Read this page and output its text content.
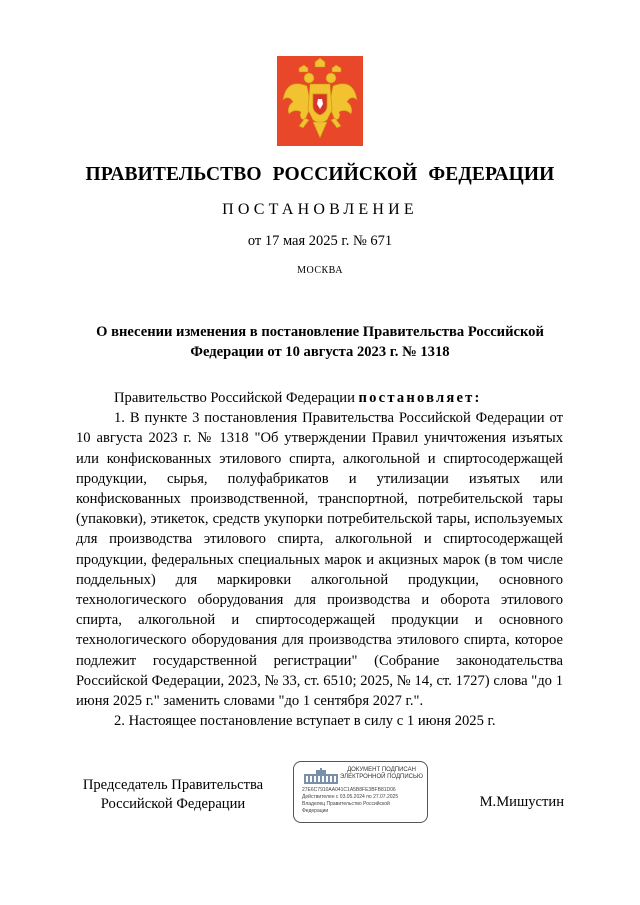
ПРАВИТЕЛЬСТВО РОССИЙСКОЙ ФЕДЕРАЦИИ
ПОСТАНОВЛЕНИЕ
от 17 мая 2025 г. № 671
МОСКВА
О внесении изменения в постановление Правительства Российской
Федерации от 10 августа 2023 г. № 1318

Правительство Российской Федерации постановляет:

1. В пункте 3 постановления Правительства Российской Федерации от 10 августа 2023 г. № 1318 "Об утверждении Правил уничтожения изъятых или конфискованных этилового спирта, алкогольной и спиртосодержащей продукции, сырья, полуфабрикатов и утилизации изъятых или конфискованных производственной, транспортной, потребительской тары (упаковки), этикеток, средств укупорки потребительской тары, используемых для производства этилового спирта, алкогольной и спиртосодержащей продукции, федеральных специальных марок и акцизных марок (в том числе поддельных) для маркировки алкогольной продукции, основного технологического оборудования для производства и оборота этилового спирта, алкогольной и спиртосодержащей продукции и основного технологического оборудования для производства этилового спирта, которое подлежит государственной регистрации" (Собрание законодательства Российской Федерации, 2023, № 33, ст. 6510; 2025, № 14, ст. 1727) слова "до 1 июня 2025 г." заменить словами "до 1 сентября 2027 г.".

2. Настоящее постановление вступает в силу с 1 июня 2025 г.

Председатель Правительства
Российской Федерации
ДОКУМЕНТ ПОДПИСАН
ЭЛЕКТРОННОЙ ПОДПИСЬЮ
27E6C7910AA041C1A5B8FE3BFB81D06
Действителен с 03.05.2024 по 27.07.2025
Владелец Правительство Российской
Федерации
М.Мишустин
